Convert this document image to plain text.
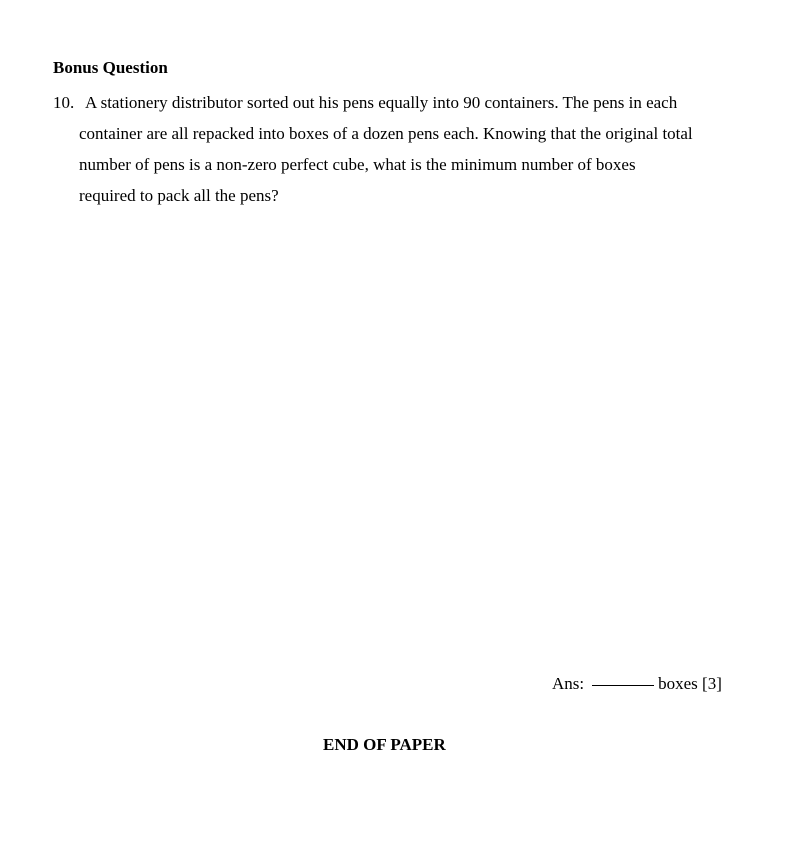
Bonus Question
10. A stationery distributor sorted out his pens equally into 90 containers. The pens in each
container are all repacked into boxes of a dozen pens each. Knowing that the original total
number of pens is a non-zero perfect cube, what is the minimum number of boxes
required to pack all the pens?
Ans:	boxes [3]

END OF PAPER
